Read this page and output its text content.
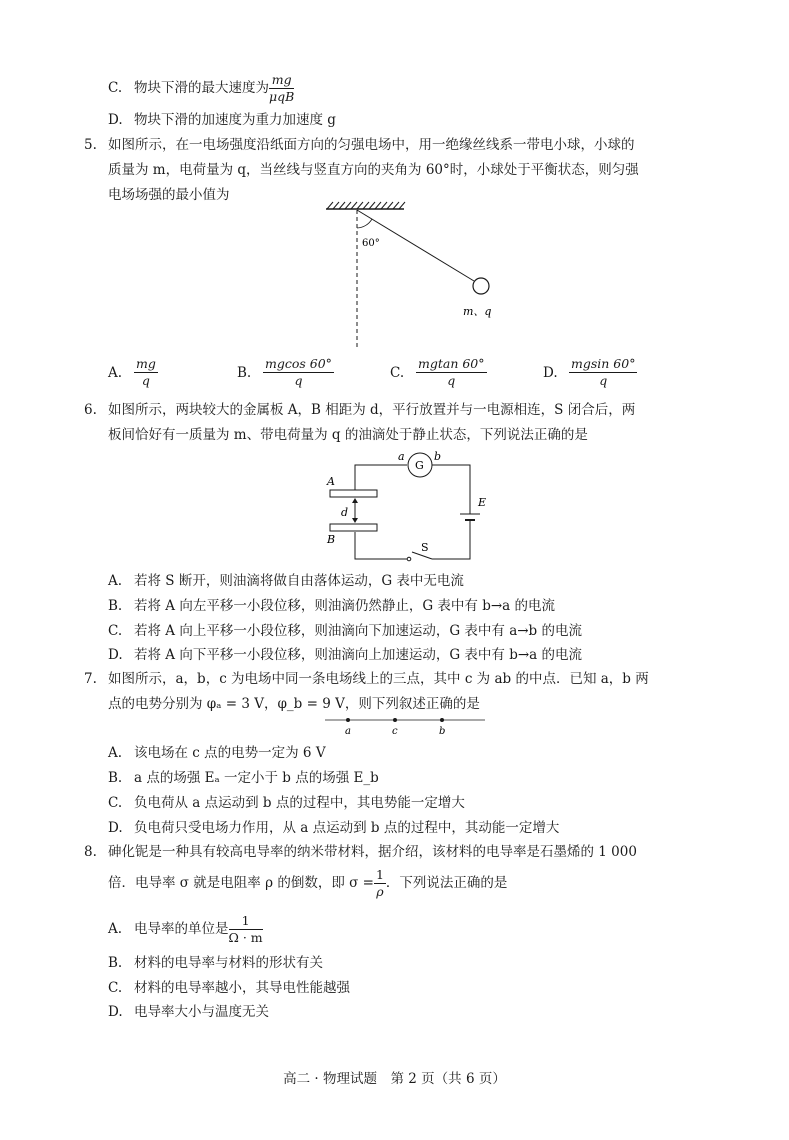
C. 物块下滑的最大速度为 $\frac{mg}{\text{μqB}}$
D. 物块下滑的加速度为重力加速度 g
5. 如图所示，在一电场强度沿纸面方向的匀强电场中，用一绝缘丝线系一带电小球，小球的
质量为 m，电荷量为 q，当丝线与竖直方向的夹角为 60°时，小球处于平衡状态，则匀强
电场场强的最小值为
60°
m、q
A. $\frac{mg}{q}$	B. $\frac{mgcos 60^\circ}{q}$	C. $\frac{mgtan 60^\circ}{q}$	D. $\frac{mgsin 60^\circ}{q}$
6. 如图所示，两块较大的金属板 A，B 相距为 d，平行放置并与一电源相连，S 闭合后，两
板间恰好有一质量为 m、带电荷量为 q 的油滴处于静止状态，下列说法正确的是
a
G
b
A
d
B
S
E
A. 若将 S 断开，则油滴将做自由落体运动，G 表中无电流
B. 若将 A 向左平移一小段位移，则油滴仍然静止，G 表中有 b→a 的电流
C. 若将 A 向上平移一小段位移，则油滴向下加速运动，G 表中有 a→b 的电流
D. 若将 A 向下平移一小段位移，则油滴向上加速运动，G 表中有 b→a 的电流
7. 如图所示，a，b，c 为电场中同一条电场线上的三点，其中 c 为 ab 的中点．已知 a，b 两
点的电势分别为 φₐ = 3 V，φ_b = 9 V，则下列叙述正确的是
a	c	b
A. 该电场在 c 点的电势一定为 6 V
B. a 点的场强 Eₐ 一定小于 b 点的场强 E_b
C. 负电荷从 a 点运动到 b 点的过程中，其电势能一定增大
D. 负电荷只受电场力作用，从 a 点运动到 b 点的过程中，其动能一定增大
8. 砷化铌是一种具有较高电导率的纳米带材料，据介绍，该材料的电导率是石墨烯的 1 000
倍．电导率 σ 就是电阻率 ρ 的倒数，即 $\sigma = \frac{1}{\rho}$ ．下列说法正确的是
A. 电导率的单位是 $\frac{1}{\Omega \cdot m}$
B. 材料的电导率与材料的形状有关
C. 材料的电导率越小，其导电性能越强
D. 电导率大小与温度无关
高二 · 物理试题　第 2 页（共 6 页）
